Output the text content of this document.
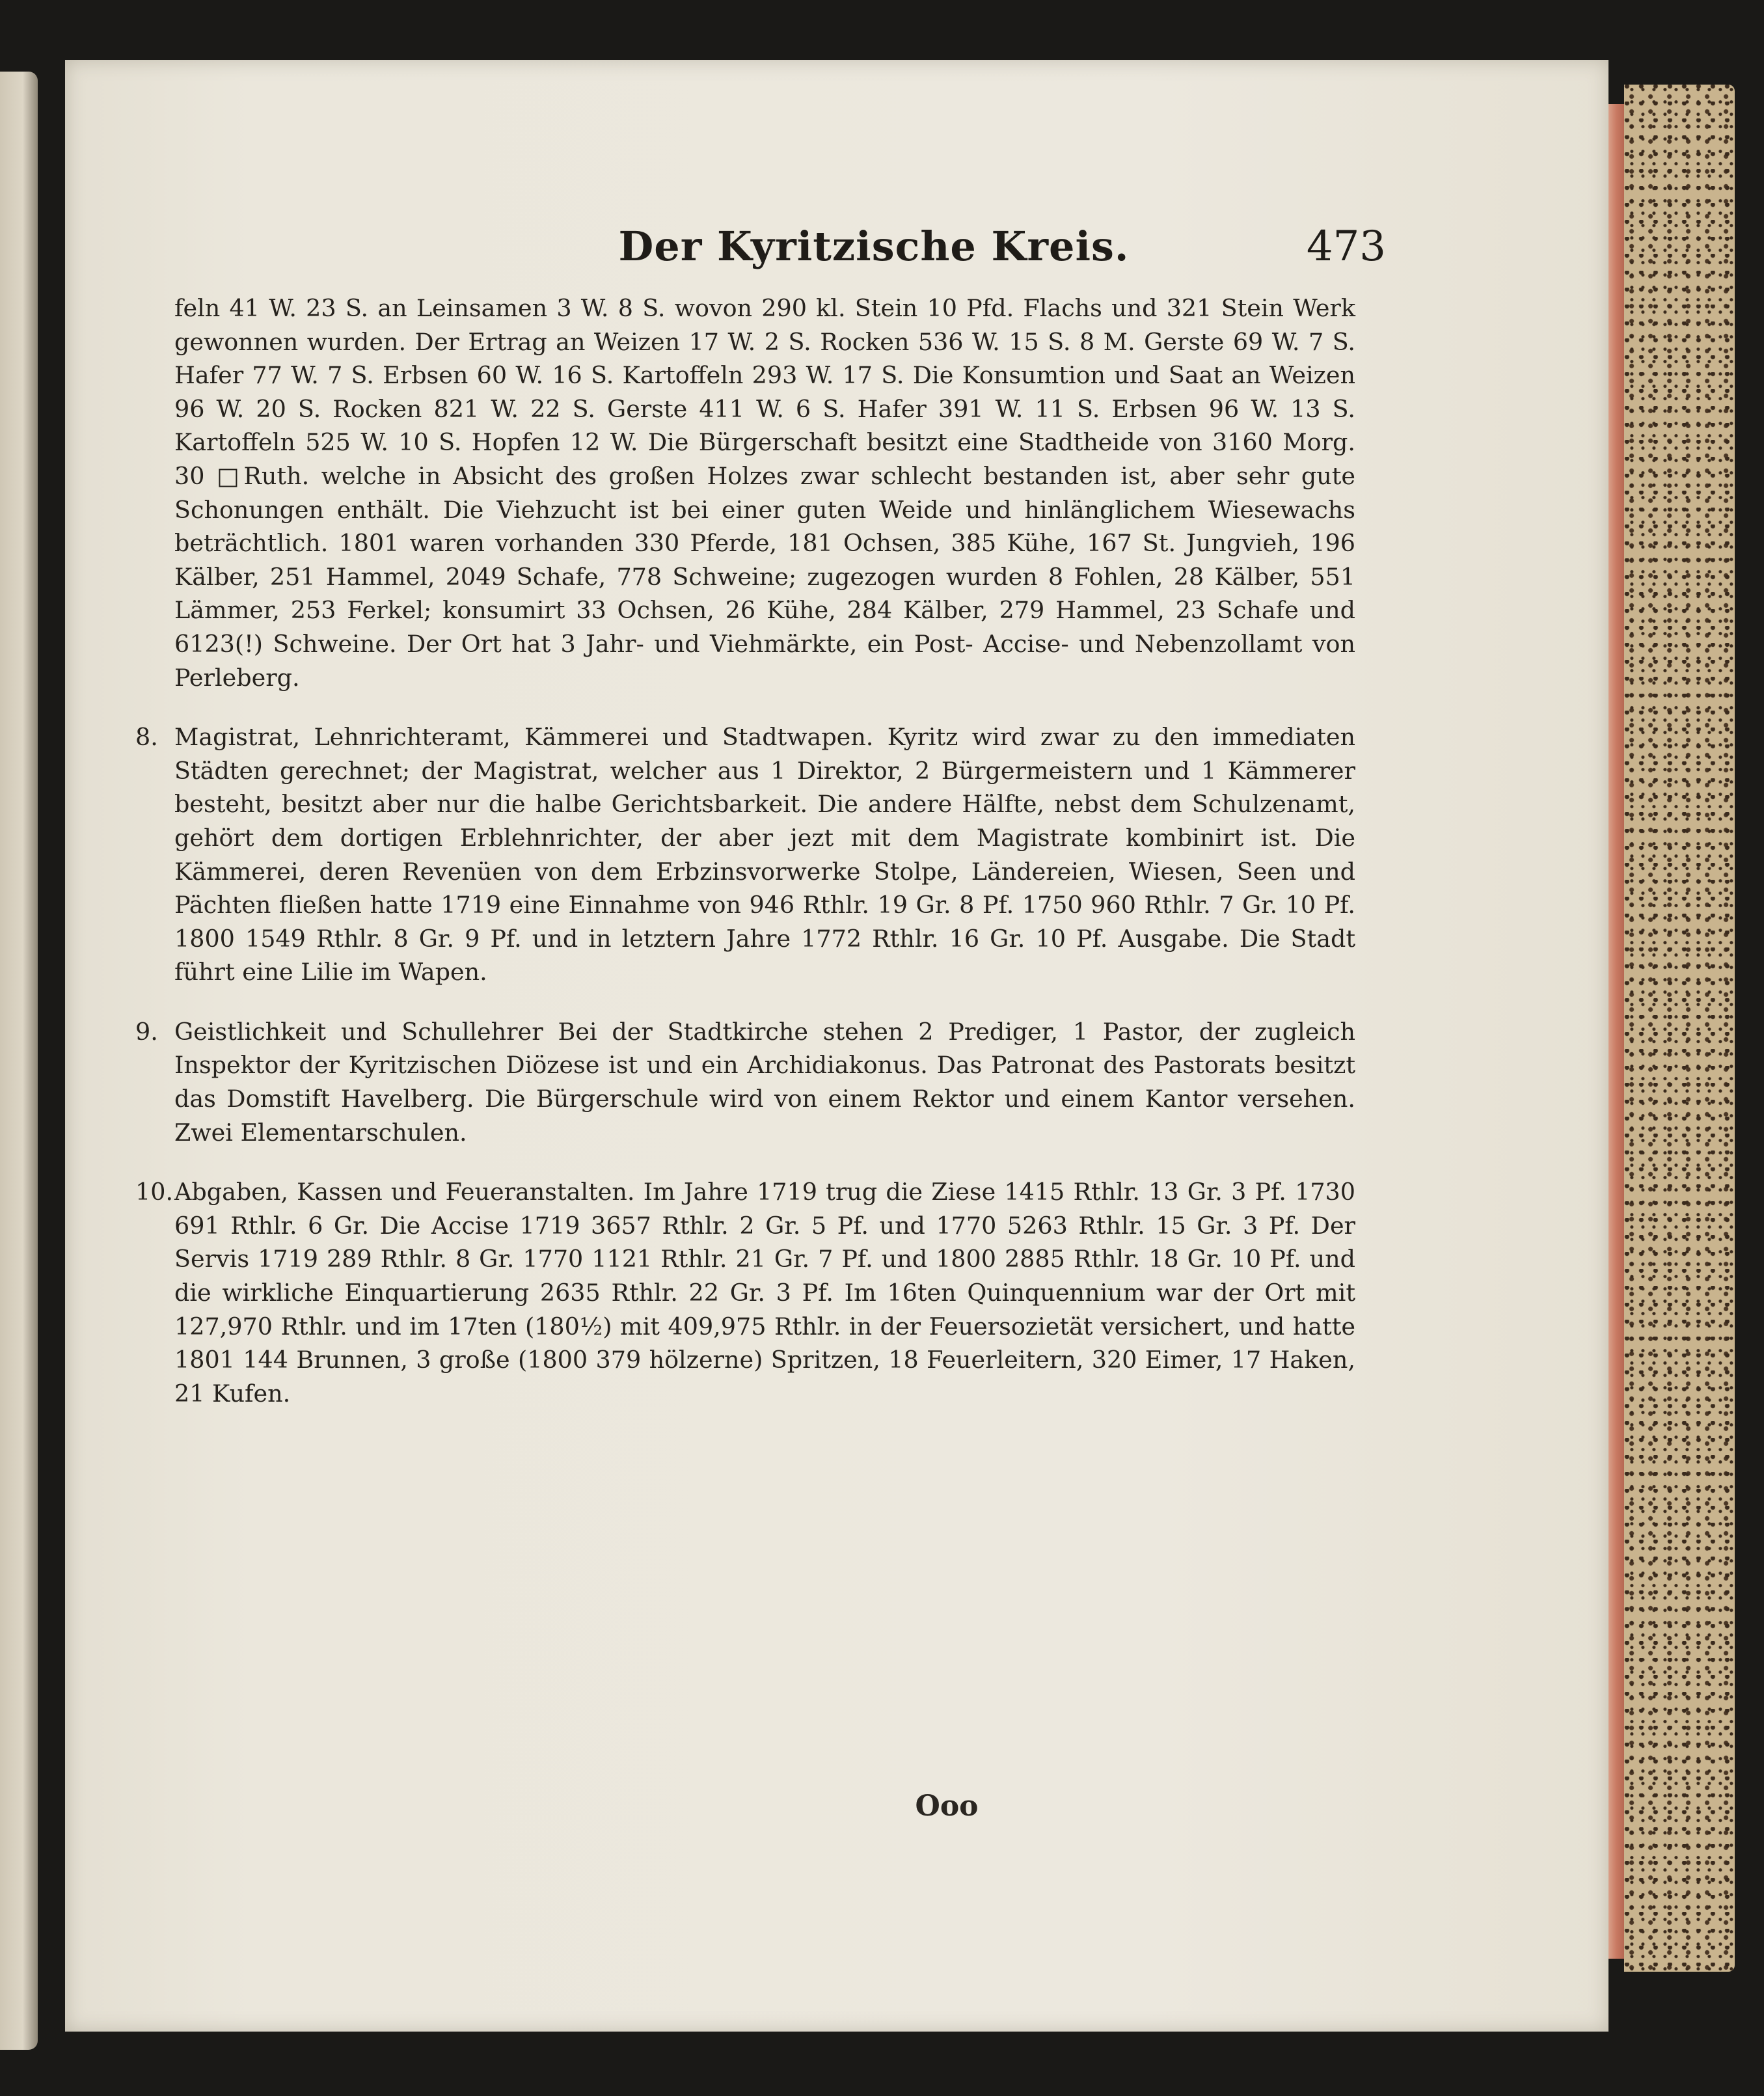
Der Kyritzische Kreis.	473

feln 41 W. 23 S. an Leinsamen 3 W. 8 S. wovon 290 kl. Stein 10 Pfd. Flachs und 321 Stein Werk gewonnen wurden. Der Ertrag an Weizen 17 W. 2 S. Rocken 536 W. 15 S. 8 M. Gerste 69 W. 7 S. Hafer 77 W. 7 S. Erbsen 60 W. 16 S. Kartoffeln 293 W. 17 S. Die Konsumtion und Saat an Weizen 96 W. 20 S. Rocken 821 W. 22 S. Gerste 411 W. 6 S. Hafer 391 W. 11 S. Erbsen 96 W. 13 S. Kartoffeln 525 W. 10 S. Hopfen 12 W. Die Bürgerschaft besitzt eine Stadtheide von 3160 Morg. 30 □Ruth. welche in Absicht des großen Holzes zwar schlecht bestanden ist, aber sehr gute Schonungen enthält. Die Viehzucht ist bei einer guten Weide und hinlänglichem Wiesewachs beträchtlich. 1801 waren vorhanden 330 Pferde, 181 Ochsen, 385 Kühe, 167 St. Jungvieh, 196 Kälber, 251 Hammel, 2049 Schafe, 778 Schweine; zugezogen wurden 8 Fohlen, 28 Kälber, 551 Lämmer, 253 Ferkel; konsumirt 33 Ochsen, 26 Kühe, 284 Kälber, 279 Hammel, 23 Schafe und 6123(!) Schweine. Der Ort hat 3 Jahr- und Viehmärkte, ein Post- Accise- und Nebenzollamt von Perleberg.

8. Magistrat, Lehnrichteramt, Kämmerei und Stadtwapen. Kyritz wird zwar zu den immediaten Städten gerechnet; der Magistrat, welcher aus 1 Direktor, 2 Bürgermeistern und 1 Kämmerer besteht, besitzt aber nur die halbe Gerichtsbarkeit. Die andere Hälfte, nebst dem Schulzenamt, gehört dem dortigen Erblehnrichter, der aber jezt mit dem Magistrate kombinirt ist. Die Kämmerei, deren Revenüen von dem Erbzinsvorwerke Stolpe, Ländereien, Wiesen, Seen und Pächten fließen hatte 1719 eine Einnahme von 946 Rthlr. 19 Gr. 8 Pf. 1750 960 Rthlr. 7 Gr. 10 Pf. 1800 1549 Rthlr. 8 Gr. 9 Pf. und in letztern Jahre 1772 Rthlr. 16 Gr. 10 Pf. Ausgabe. Die Stadt führt eine Lilie im Wapen.

9. Geistlichkeit und Schullehrer Bei der Stadtkirche stehen 2 Prediger, 1 Pastor, der zugleich Inspektor der Kyritzischen Diözese ist und ein Archidiakonus. Das Patronat des Pastorats besitzt das Domstift Havelberg. Die Bürgerschule wird von einem Rektor und einem Kantor versehen. Zwei Elementarschulen.

10.Abgaben, Kassen und Feueranstalten. Im Jahre 1719 trug die Ziese 1415 Rthlr. 13 Gr. 3 Pf. 1730 691 Rthlr. 6 Gr. Die Accise 1719 3657 Rthlr. 2 Gr. 5 Pf. und 1770 5263 Rthlr. 15 Gr. 3 Pf. Der Servis 1719 289 Rthlr. 8 Gr. 1770 1121 Rthlr. 21 Gr. 7 Pf. und 1800 2885 Rthlr. 18 Gr. 10 Pf. und die wirkliche Einquartierung 2635 Rthlr. 22 Gr. 3 Pf. Im 16ten Quinquennium war der Ort mit 127,970 Rthlr. und im 17ten (180½) mit 409,975 Rthlr. in der Feuersozietät versichert, und hatte 1801 144 Brunnen, 3 große (1800 379 hölzerne) Spritzen, 18 Feuerleitern, 320 Eimer, 17 Haken, 21 Kufen.

Ooo
